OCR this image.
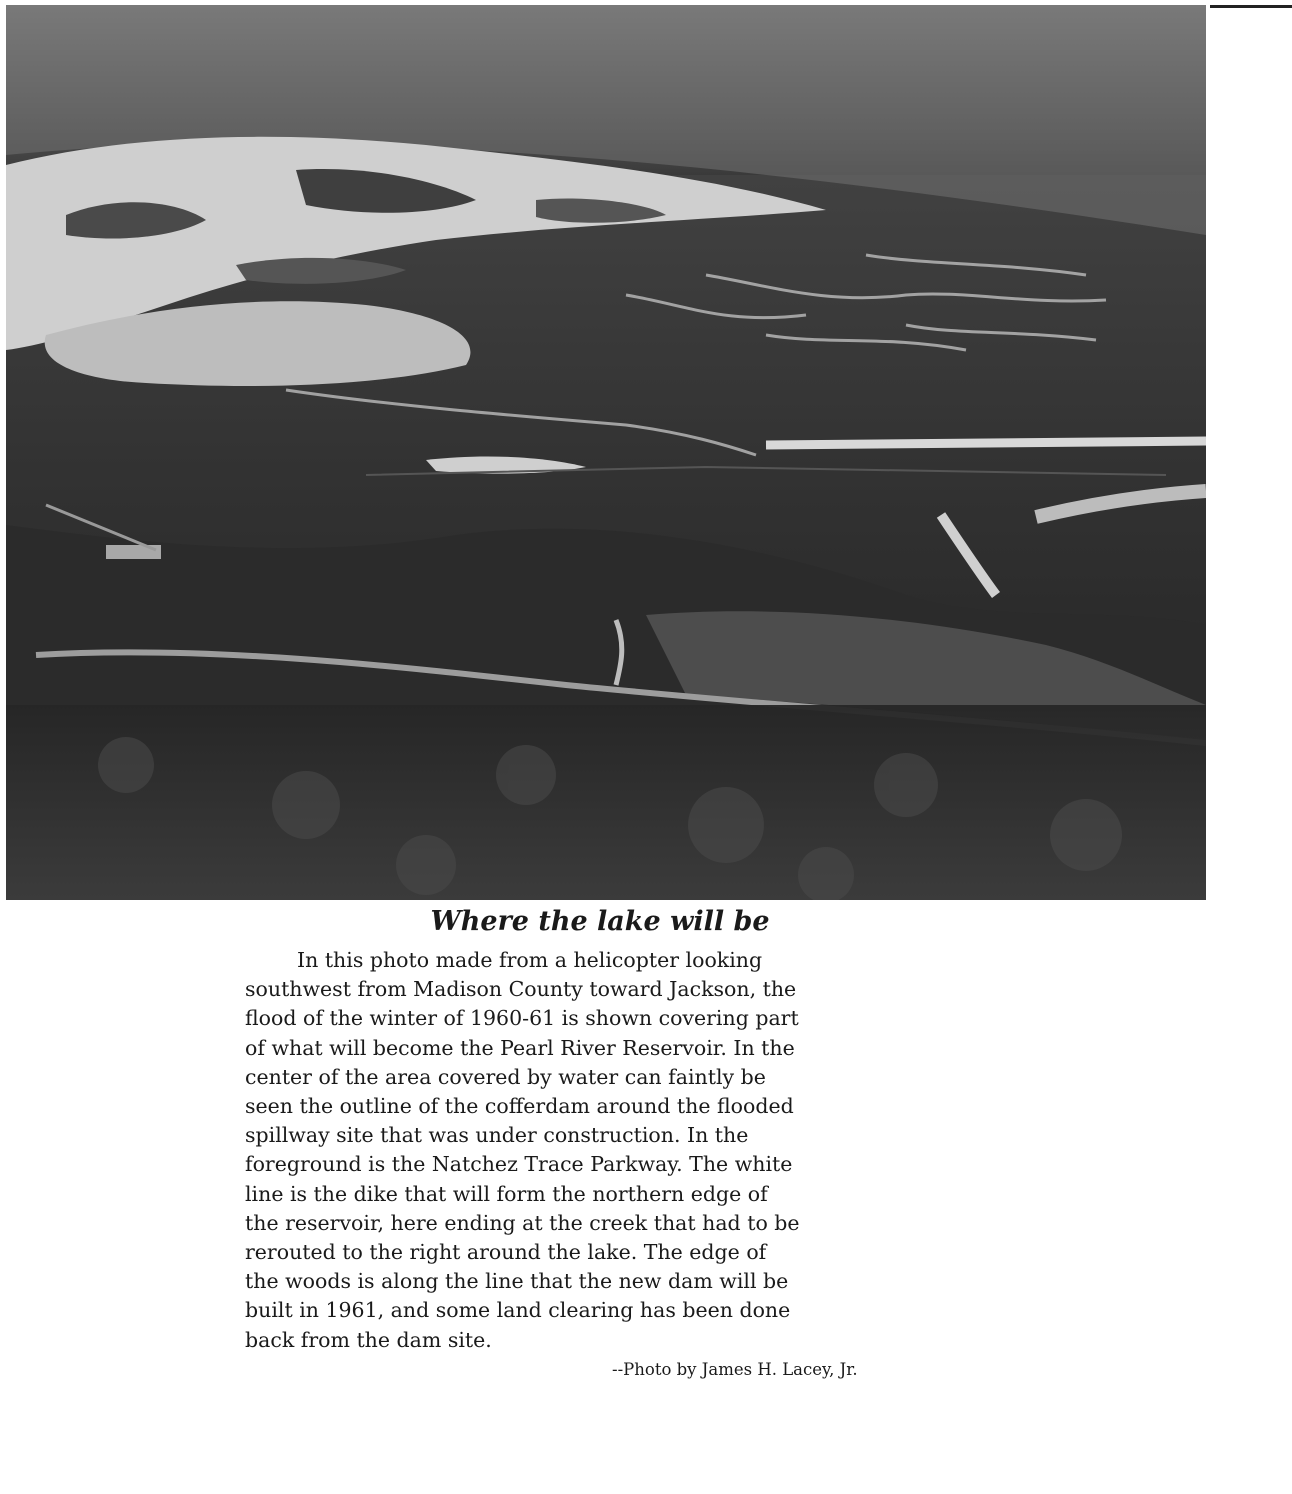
Where the lake will be

In this photo made from a helicopter looking
southwest from Madison County toward Jackson, the
flood of the winter of 1960-61 is shown covering part
of what will become the Pearl River Reservoir. In the
center of the area covered by water can faintly be
seen the outline of the cofferdam around the flooded
spillway site that was under construction. In the
foreground is the Natchez Trace Parkway. The white
line is the dike that will form the northern edge of
the reservoir, here ending at the creek that had to be
rerouted to the right around the lake. The edge of
the woods is along the line that the new dam will be
built in 1961, and some land clearing has been done
back from the dam site.

--Photo by James H. Lacey, Jr.
